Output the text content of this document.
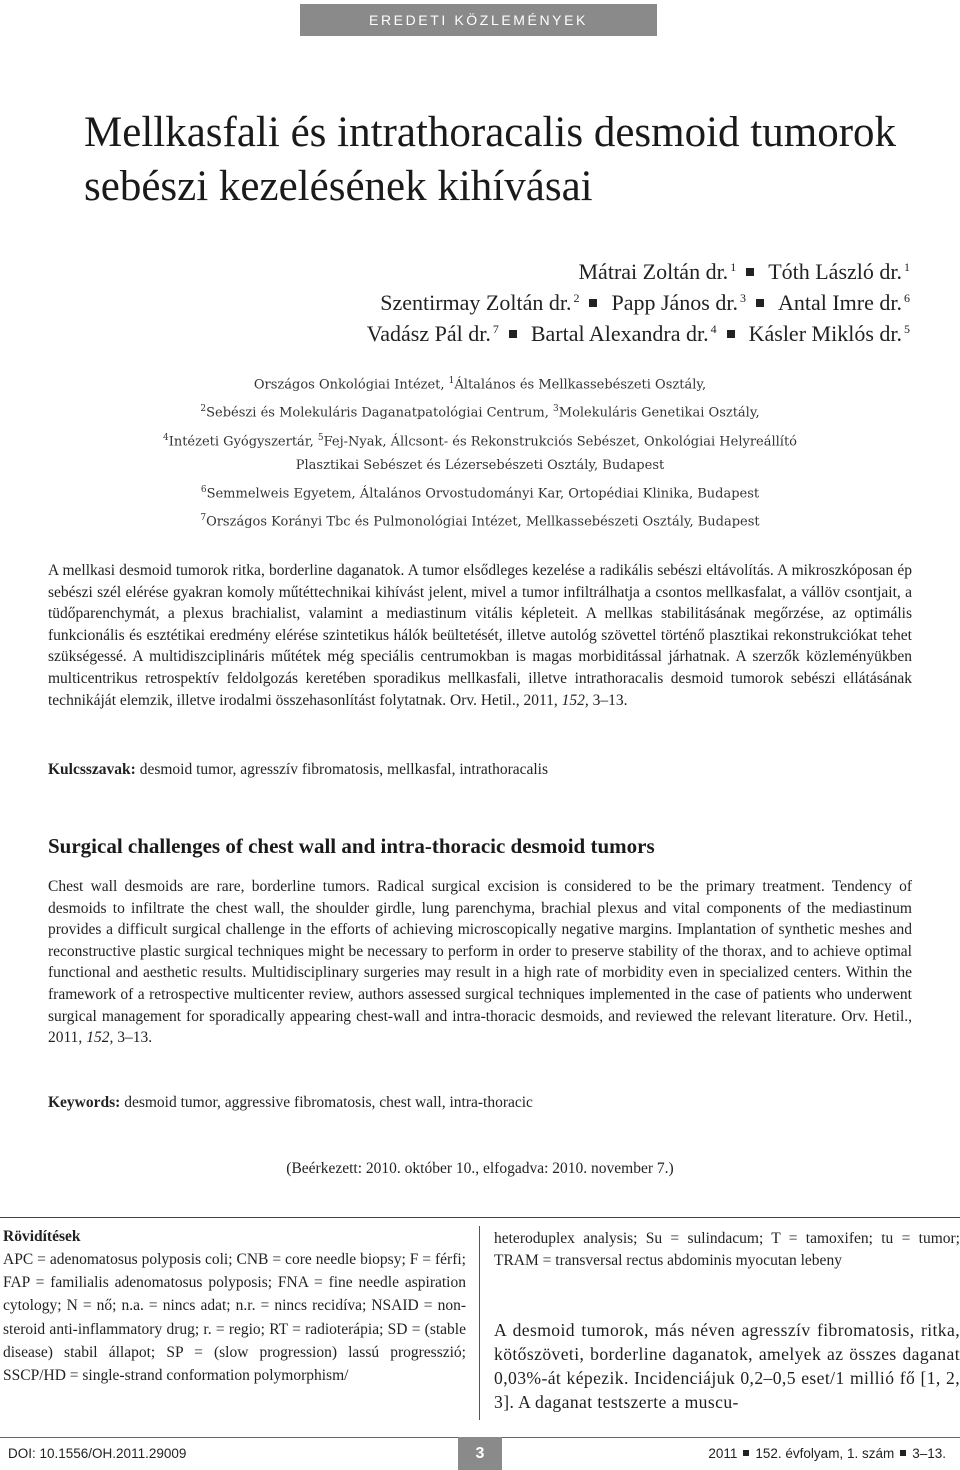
EREDETI KÖZLEMÉNYEK
Mellkasfali és intrathoracalis desmoid tumorok sebészi kezelésének kihívásai
Mátrai Zoltán dr. $^1$ Tóth László dr. $^1$
Szentirmay Zoltán dr. $^2$ Papp János dr. $^3$ Antal Imre dr. $^6$
Vadász Pál dr. $^7$ Bartal Alexandra dr. $^4$ Kásler Miklós dr. $^5$
Országos Onkológiai Intézet, $^1$Általános és Mellkassebészeti Osztály,
$^2$Sebészi és Molekuláris Daganatpatológiai Centrum, $^3$Molekuláris Genetikai Osztály,
$^4$Intézeti Gyógyszertár, $^5$Fej-Nyak, Állcsont- és Rekonstrukciós Sebészet, Onkológiai Helyreállító
Plasztikai Sebészet és Lézersebészeti Osztály, Budapest
$^6$Semmelweis Egyetem, Általános Orvostudományi Kar, Ortopédiai Klinika, Budapest
$^7$Országos Korányi Tbc és Pulmonológiai Intézet, Mellkassebészeti Osztály, Budapest

A mellkasi desmoid tumorok ritka, borderline daganatok. A tumor elsődleges kezelése a radikális sebészi eltávolítás. A mikroszkóposan ép sebészi szél elérése gyakran komoly műtéttechnikai kihívást jelent, mivel a tumor infiltrálhatja a csontos mellkasfalat, a vállöv csontjait, a tüdőparenchymát, a plexus brachialist, valamint a mediastinum vitális képleteit. A mellkas stabilitásának megőrzése, az optimális funkcionális és esztétikai eredmény elérése szintetikus hálók beültetését, illetve autológ szövettel történő plasztikai rekonstrukciókat tehet szükségessé. A multidiszciplináris műtétek még speciális centrumokban is magas morbiditással járhatnak. A szerzők közleményükben multicentrikus retrospektív feldolgozás keretében sporadikus mellkasfali, illetve intrathoracalis desmoid tumorok sebészi ellátásának technikáját elemzik, illetve irodalmi összehasonlítást folytatnak. Orv. Hetil., 2011, 152, 3–13.

Kulcsszavak: desmoid tumor, agresszív fibromatosis, mellkasfal, intrathoracalis
Surgical challenges of chest wall and intra-thoracic desmoid tumors

Chest wall desmoids are rare, borderline tumors. Radical surgical excision is considered to be the primary treatment. Tendency of desmoids to infiltrate the chest wall, the shoulder girdle, lung parenchyma, brachial plexus and vital components of the mediastinum provides a difficult surgical challenge in the efforts of achieving microscopically negative margins. Implantation of synthetic meshes and reconstructive plastic surgical techniques might be necessary to perform in order to preserve stability of the thorax, and to achieve optimal functional and aesthetic results. Multidisciplinary surgeries may result in a high rate of morbidity even in specialized centers. Within the framework of a retrospective multicenter review, authors assessed surgical techniques implemented in the case of patients who underwent surgical management for sporadically appearing chest-wall and intra-thoracic desmoids, and reviewed the relevant literature. Orv. Hetil., 2011, 152, 3–13.

Keywords: desmoid tumor, aggressive fibromatosis, chest wall, intra-thoracic
(Beérkezett: 2010. október 10., elfogadva: 2010. november 7.)
Rövidítések
APC = adenomatosus polyposis coli; CNB = core needle biopsy; F = férfi; FAP = familialis adenomatosus polyposis; FNA = fine needle aspiration cytology; N = nő; n.a. = nincs adat; n.r. = nincs recidíva; NSAID = non-steroid anti-inflammatory drug; r. = regio; RT = radioterápia; SD = (stable disease) stabil állapot; SP = (slow progression) lassú progresszió; SSCP/HD = single-strand conformation polymorphism/
heteroduplex analysis; Su = sulindacum; T = tamoxifen; tu = tumor; TRAM = transversal rectus abdominis myocutan lebeny
A desmoid tumorok, más néven agresszív fibromatosis, ritka, kötőszöveti, borderline daganatok, amelyek az összes daganat 0,03%-át képezik. Incidenciájuk 0,2–0,5 eset/1 millió fő [1, 2, 3]. A daganat testszerte a muscu-
DOI: 10.1556/OH.2011.29009	3	2011 152. évfolyam, 1. szám 3–13.
